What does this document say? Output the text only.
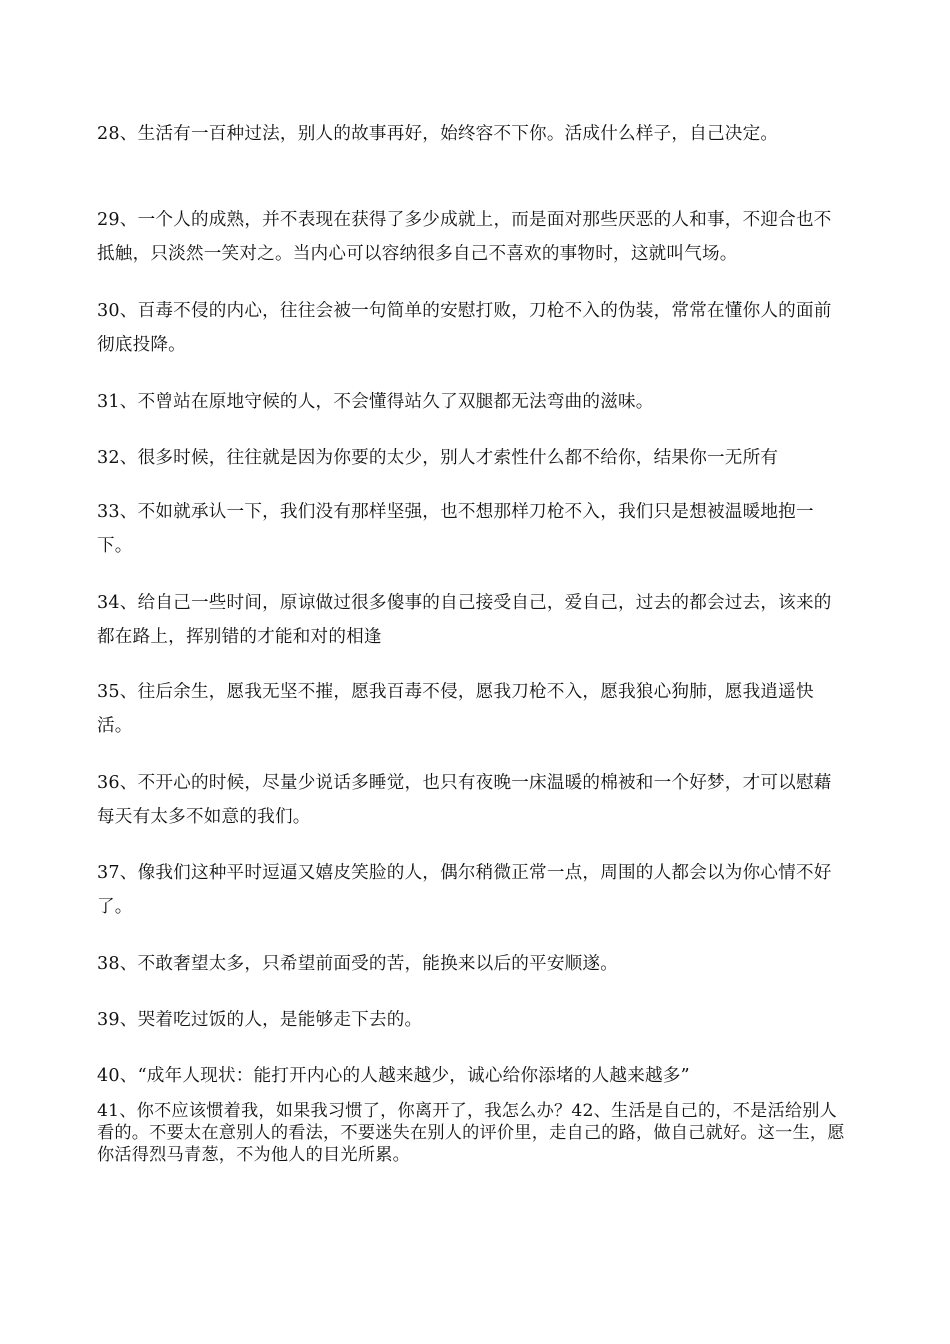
28、生活有一百种过法，别人的故事再好，始终容不下你。活成什么样子，自己决定。

29、一个人的成熟，并不表现在获得了多少成就上，而是面对那些厌恶的人和事，不迎合也不抵触，只淡然一笑对之。当内心可以容纳很多自己不喜欢的事物时，这就叫气场。

30、百毒不侵的内心，往往会被一句简单的安慰打败，刀枪不入的伪装，常常在懂你人的面前彻底投降。

31、不曾站在原地守候的人，不会懂得站久了双腿都无法弯曲的滋味。

32、很多时候，往往就是因为你要的太少，别人才索性什么都不给你，结果你一无所有

33、不如就承认一下，我们没有那样坚强，也不想那样刀枪不入，我们只是想被温暖地抱一下。

34、给自己一些时间，原谅做过很多傻事的自己接受自己，爱自己，过去的都会过去，该来的都在路上，挥别错的才能和对的相逢

35、往后余生，愿我无坚不摧，愿我百毒不侵，愿我刀枪不入，愿我狼心狗肺，愿我逍遥快活。

36、不开心的时候，尽量少说话多睡觉，也只有夜晚一床温暖的棉被和一个好梦，才可以慰藉每天有太多不如意的我们。

37、像我们这种平时逗逼又嬉皮笑脸的人，偶尔稍微正常一点，周围的人都会以为你心情不好了。

38、不敢奢望太多，只希望前面受的苦，能换来以后的平安顺遂。

39、哭着吃过饭的人，是能够走下去的。

40、“成年人现状：能打开内心的人越来越少，诚心给你添堵的人越来越多”

41、你不应该惯着我，如果我习惯了，你离开了，我怎么办？42、生活是自己的，不是活给别人看的。不要太在意别人的看法，不要迷失在别人的评价里，走自己的路，做自己就好。这一生，愿你活得烈马青葱，不为他人的目光所累。
